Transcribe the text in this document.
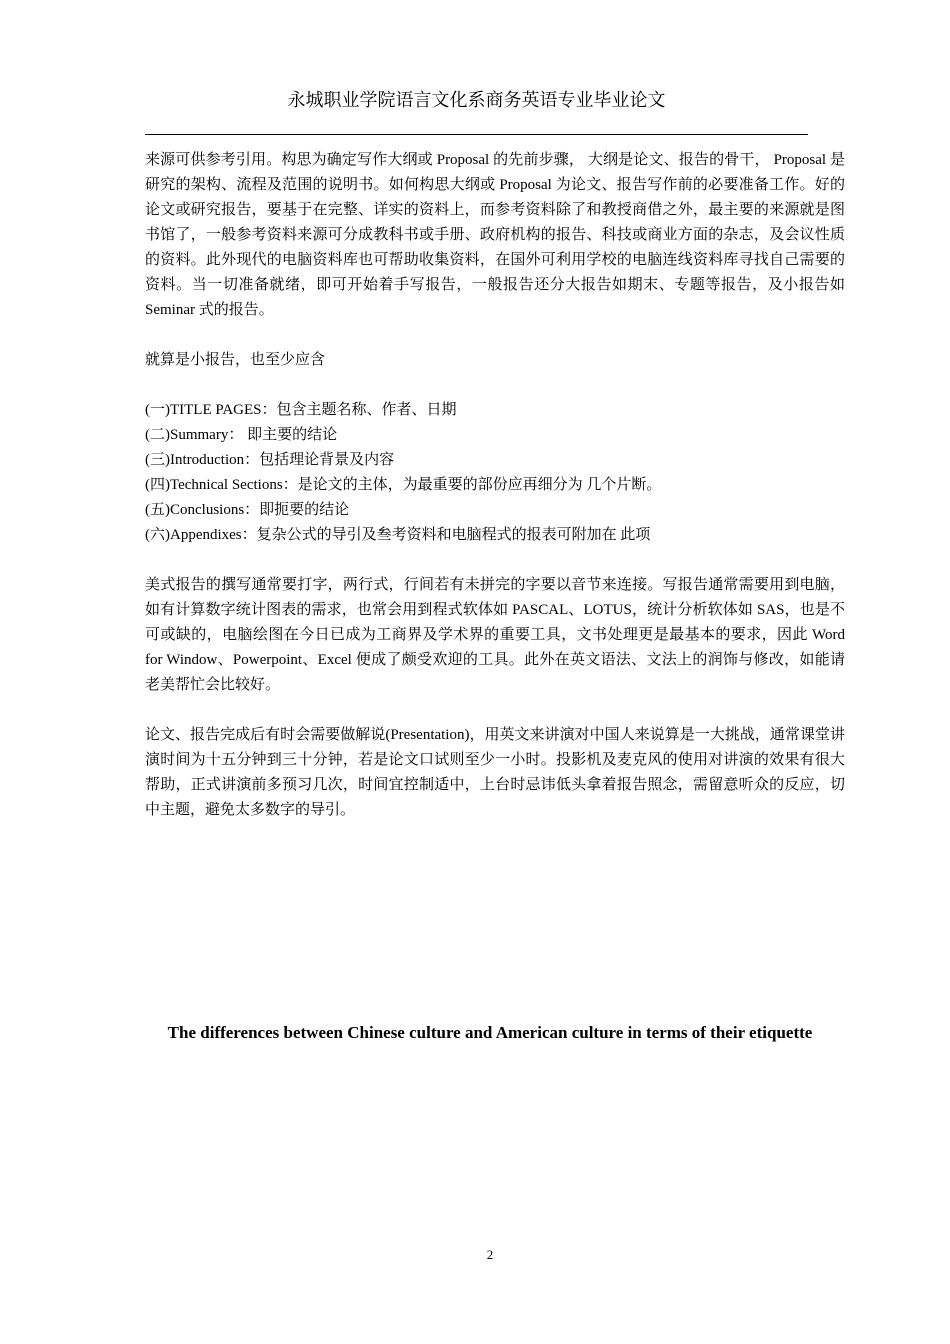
永城职业学院语言文化系商务英语专业毕业论文

来源可供参考引用。构思为确定写作大纲或 Proposal 的先前步骤， 大纲是论文、报告的骨干， Proposal 是研究的架构、流程及范围的说明书。如何构思大纲或 Proposal 为论文、报告写作前的必要准备工作。好的论文或研究报告，要基于在完整、详实的资料上，而参考资料除了和教授商借之外，最主要的来源就是图书馆了，一般参考资料来源可分成教科书或手册、政府机构的报告、科技或商业方面的杂志，及会议性质的资料。此外现代的电脑资料库也可帮助收集资料，在国外可利用学校的电脑连线资料库寻找自己需要的资料。当一切准备就绪，即可开始着手写报告，一般报告还分大报告如期末、专题等报告，及小报告如 Seminar 式的报告。

就算是小报告，也至少应含

(一)TITLE PAGES：包含主题名称、作者、日期
(二)Summary： 即主要的结论
(三)Introduction：包括理论背景及内容
(四)Technical Sections：是论文的主体，为最重要的部份应再细分为 几个片断。
(五)Conclusions：即扼要的结论
(六)Appendixes：复杂公式的导引及叁考资料和电脑程式的报表可附加在 此项

美式报告的撰写通常要打字，两行式，行间若有未拼完的字要以音节来连接。写报告通常需要用到电脑，如有计算数字统计图表的需求，也常会用到程式软体如 PASCAL、LOTUS，统计分析软体如 SAS，也是不可或缺的，电脑绘图在今日已成为工商界及学术界的重要工具，文书处理更是最基本的要求，因此 Word for Window、Powerpoint、Excel 便成了颇受欢迎的工具。此外在英文语法、文法上的润饰与修改，如能请老美帮忙会比较好。

论文、报告完成后有时会需要做解说(Presentation)，用英文来讲演对中国人来说算是一大挑战，通常课堂讲演时间为十五分钟到三十分钟，若是论文口试则至少一小时。投影机及麦克风的使用对讲演的效果有很大帮助，正式讲演前多预习几次，时间宜控制适中，上台时忌讳低头拿着报告照念，需留意听众的反应，切中主题，避免太多数字的导引。

The differences between Chinese culture and American culture in terms of their etiquette
2
